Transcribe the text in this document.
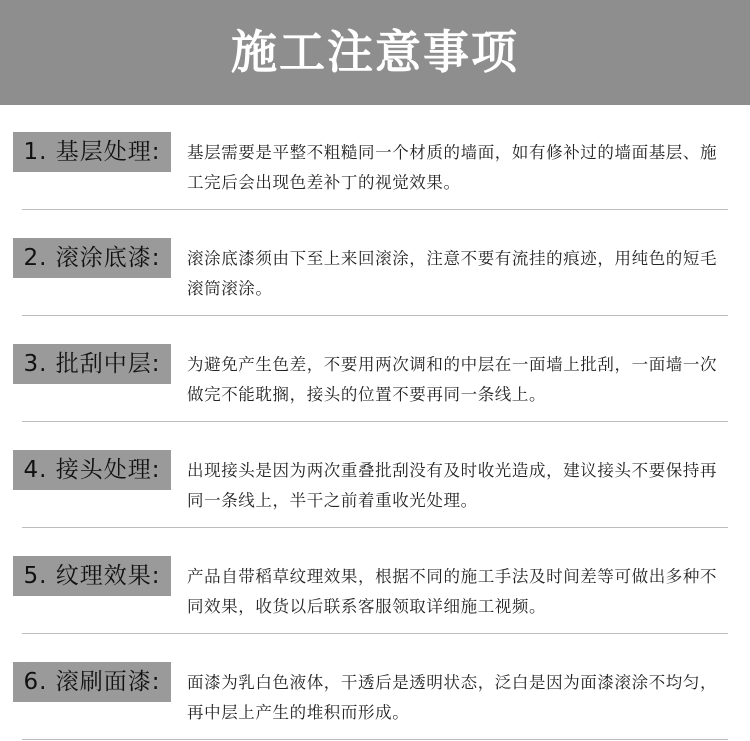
施工注意事项
1. 基层处理:	基层需要是平整不粗糙同一个材质的墙面，如有修补过的墙面基层、施工完后会出现色差补丁的视觉效果。
2. 滚涂底漆:	滚涂底漆须由下至上来回滚涂，注意不要有流挂的痕迹，用纯色的短毛滚筒滚涂。
3. 批刮中层:	为避免产生色差，不要用两次调和的中层在一面墙上批刮，一面墙一次做完不能耽搁，接头的位置不要再同一条线上。
4. 接头处理:	出现接头是因为两次重叠批刮没有及时收光造成，建议接头不要保持再同一条线上，半干之前着重收光处理。
5. 纹理效果:	产品自带稻草纹理效果，根据不同的施工手法及时间差等可做出多种不同效果，收货以后联系客服领取详细施工视频。
6. 滚刷面漆:	面漆为乳白色液体，干透后是透明状态，泛白是因为面漆滚涂不均匀，再中层上产生的堆积而形成。
